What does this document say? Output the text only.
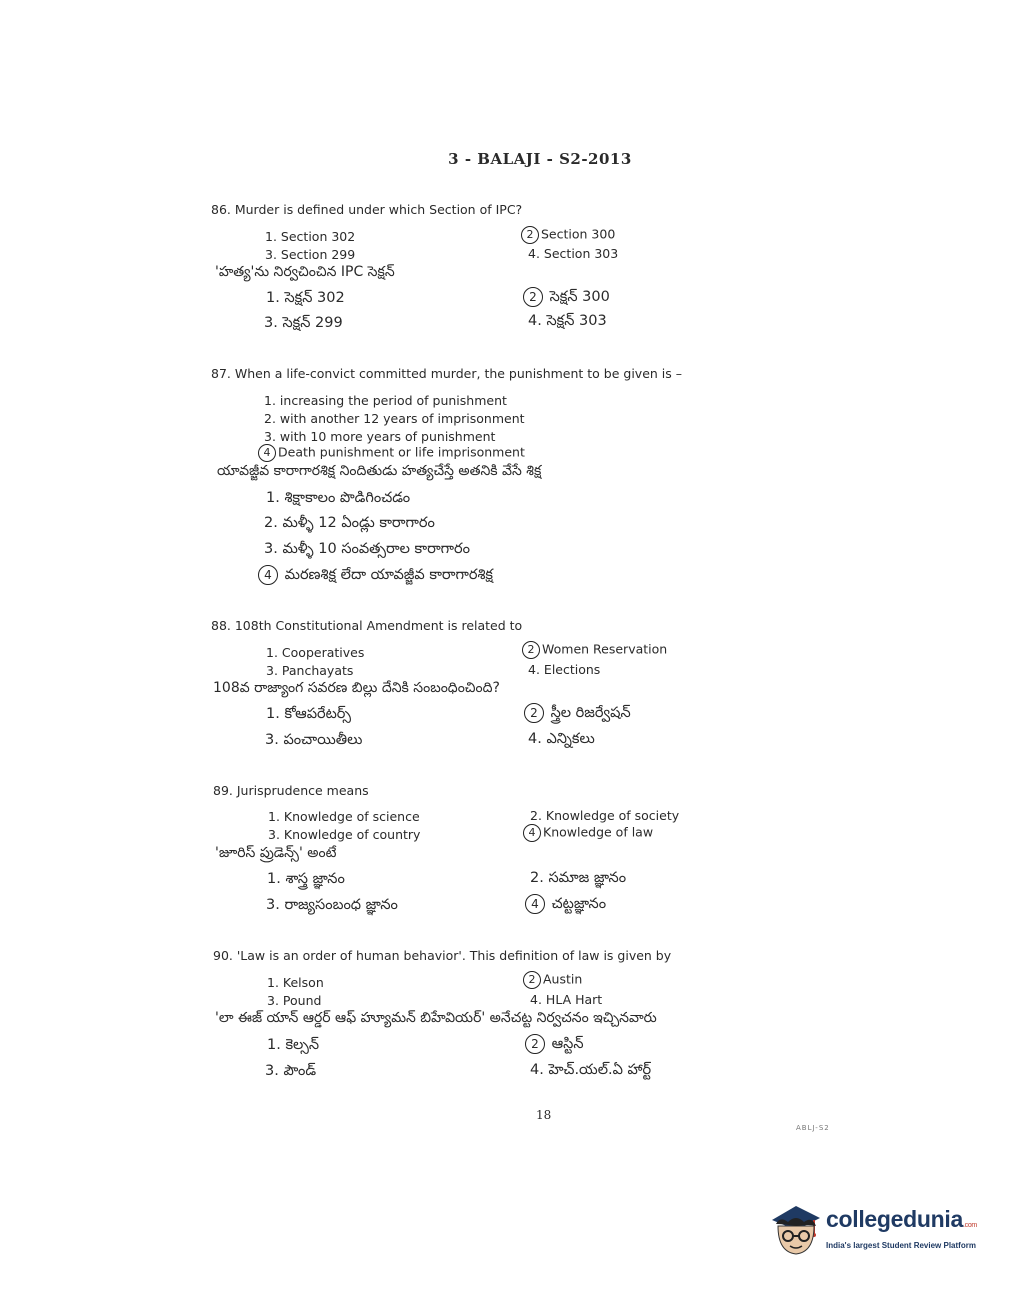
3 - BALAJI - S2-2013
86. Murder is defined under which Section of IPC?
1. Section 302	2 Section 300
3. Section 299	4. Section 303
'హత్య'ను నిర్వచించిన IPC సెక్షన్
1. సెక్షన్ 302	2 సెక్షన్ 300
3. సెక్షన్ 299	4. సెక్షన్ 303
87. When a life-convict committed murder, the punishment to be given is –
1. increasing the period of punishment
2. with another 12 years of imprisonment
3. with 10 more years of punishment
4 Death punishment or life imprisonment
యావజ్జీవ కారాగారశిక్ష నిందితుడు హత్యచేస్తే అతనికి వేసే శిక్ష
1. శిక్షాకాలం పొడిగించడం
2. మళ్ళీ 12 ఏండ్లు కారాగారం
3. మళ్ళీ 10 సంవత్సరాల కారాగారం
4 మరణశిక్ష లేదా యావజ్జీవ కారాగారశిక్ష
88. 108th Constitutional Amendment is related to
1. Cooperatives	2 Women Reservation
3. Panchayats	4. Elections
108వ రాజ్యాంగ సవరణ బిల్లు దేనికి సంబంధించింది?
1. కోఆపరేటర్స్	2 స్త్రీల రిజర్వేషన్
3. పంచాయితీలు	4. ఎన్నికలు
89. Jurisprudence means
1. Knowledge of science	2. Knowledge of society
3. Knowledge of country	4 Knowledge of law
'జూరిస్ ప్రుడెన్స్' అంటే
1. శాస్త్ర జ్ఞానం	2. సమాజ జ్ఞానం
3. రాజ్యసంబంధ జ్ఞానం	4 చట్టజ్ఞానం
90. 'Law is an order of human behavior'. This definition of law is given by
1. Kelson	2 Austin
3. Pound	4. HLA Hart
'లా ఈజ్ యాన్ ఆర్డర్ ఆఫ్ హ్యూమన్ బిహేవియర్' అనేచట్ట నిర్వచనం ఇచ్చినవారు
1. కెల్సన్	2 ఆస్టిన్
3. పౌండ్	4. హెచ్.యల్.ఏ హార్ట్
18
ABLJ-S2
collegedunia.com
India's largest Student Review Platform
